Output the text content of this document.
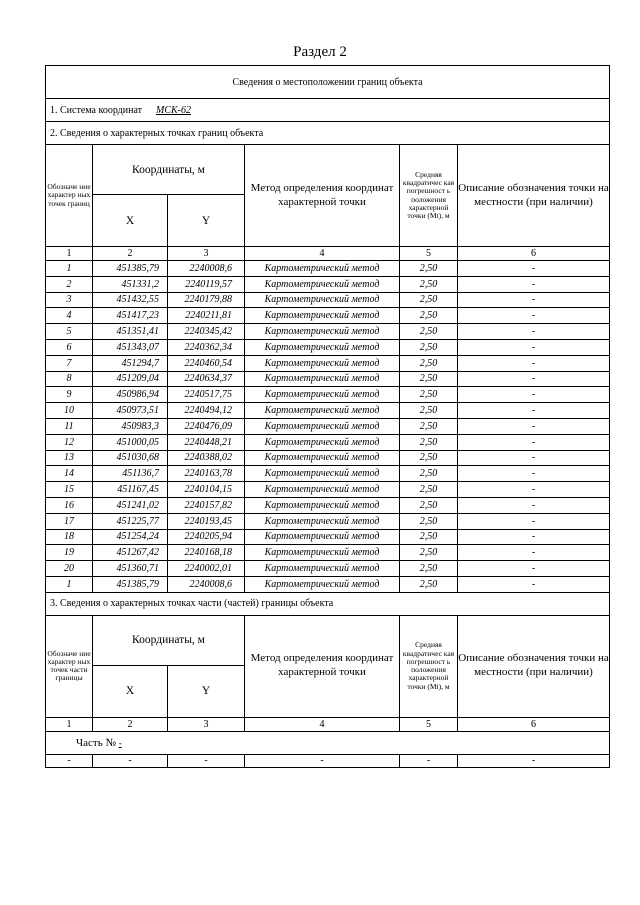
Раздел 2
Сведения о местоположении границ объекта					
1. Система координат МСК-62					
2. Сведения о характерных точках границ объекта					
Обозначе ние характер ных точек границ	Координаты, м		Метод определения координат характерной точки	Средняя квадратичес кая погрешност ь положения характерной точки (Mt), м	Описание обозначения точки на местности (при наличии)
	X	Y			
1	2	3	4	5	6
1	451385,79	2240008,6	Картометрический метод	2,50	-
2	451331,2	2240119,57	Картометрический метод	2,50	-
3	451432,55	2240179,88	Картометрический метод	2,50	-
4	451417,23	2240211,81	Картометрический метод	2,50	-
5	451351,41	2240345,42	Картометрический метод	2,50	-
6	451343,07	2240362,34	Картометрический метод	2,50	-
7	451294,7	2240460,54	Картометрический метод	2,50	-
8	451209,04	2240634,37	Картометрический метод	2,50	-
9	450986,94	2240517,75	Картометрический метод	2,50	-
10	450973,51	2240494,12	Картометрический метод	2,50	-
11	450983,3	2240476,09	Картометрический метод	2,50	-
12	451000,05	2240448,21	Картометрический метод	2,50	-
13	451030,68	2240388,02	Картометрический метод	2,50	-
14	451136,7	2240163,78	Картометрический метод	2,50	-
15	451167,45	2240104,15	Картометрический метод	2,50	-
16	451241,02	2240157,82	Картометрический метод	2,50	-
17	451225,77	2240193,45	Картометрический метод	2,50	-
18	451254,24	2240205,94	Картометрический метод	2,50	-
19	451267,42	2240168,18	Картометрический метод	2,50	-
20	451360,71	2240002,01	Картометрический метод	2,50	-
1	451385,79	2240008,6	Картометрический метод	2,50	-
3. Сведения о характерных точках части (частей) границы объекта					
Обозначе ние характер ных точек части границы	Координаты, м		Метод определения координат характерной точки	Средняя квадратичес кая погрешност ь положения характерной точки (Mt), м	Описание обозначения точки на местности (при наличии)
	X	Y			
1	2	3	4	5	6
Часть № -					
-	-	-	-	-	-
